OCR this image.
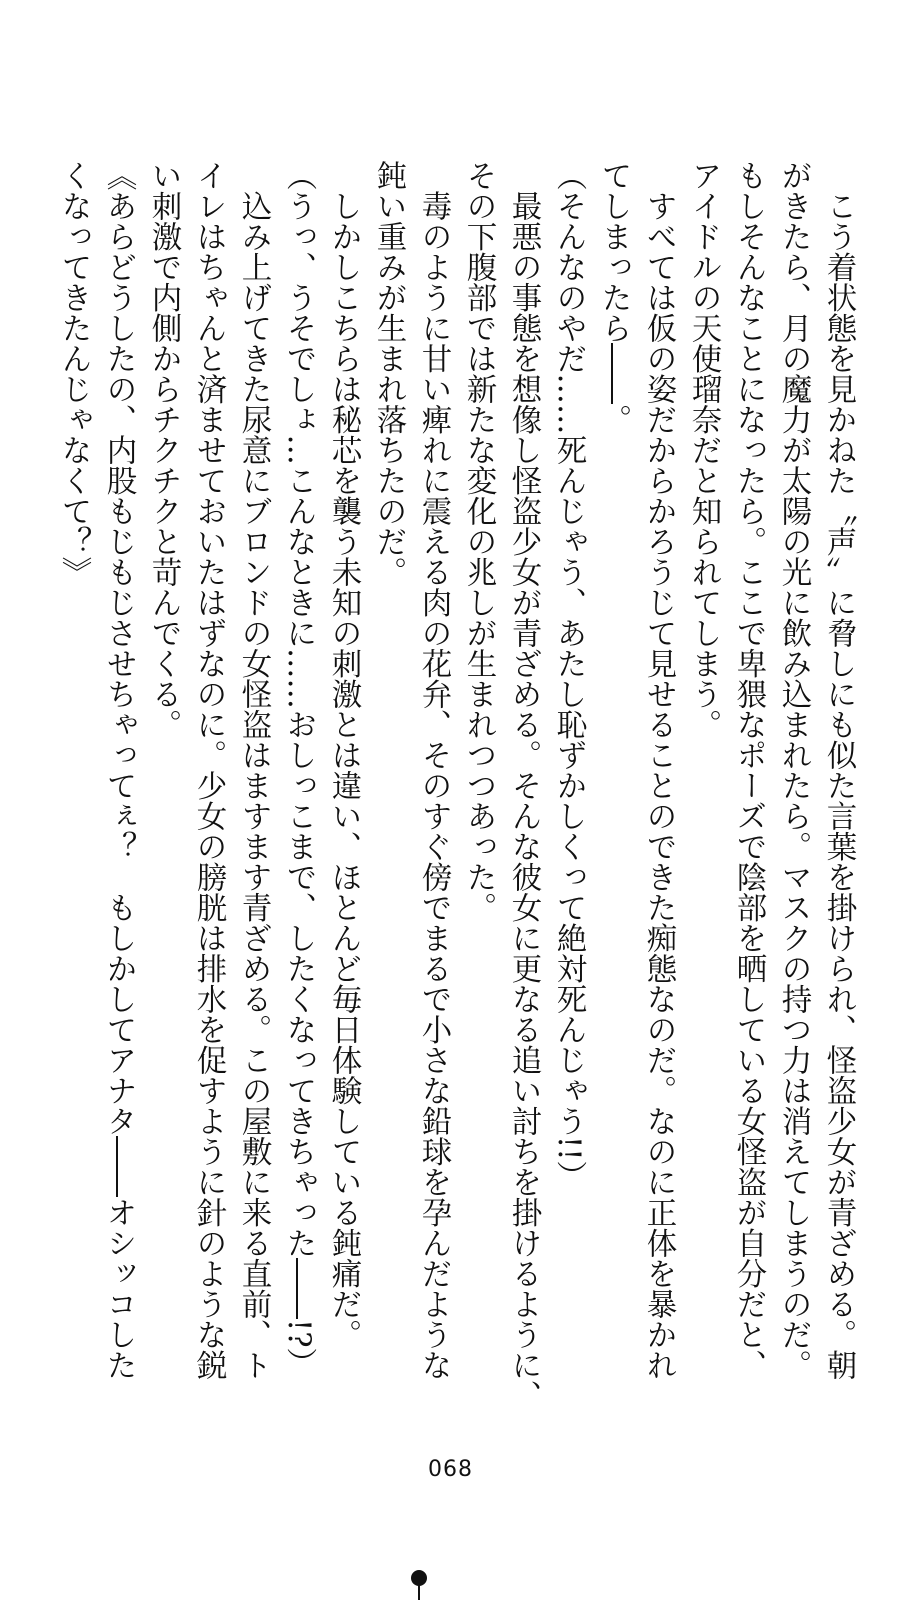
　こう着状態を見かねた〝声〟に脅しにも似た言葉を掛けられ、怪盗少女が青ざめる。朝

がきたら、月の魔力が太陽の光に飲み込まれたら。マスクの持つ力は消えてしまうのだ。

もしそんなことになったら。ここで卑猥なポーズで陰部を晒している女怪盗が自分だと、

アイドルの天使瑠奈だと知られてしまう。

　すべては仮の姿だからかろうじて見せることのできた痴態なのだ。なのに正体を暴かれ

てしまったら――。

（そんなのやだ……死んじゃう、あたし恥ずかしくって絶対死んじゃう!!）

　最悪の事態を想像し怪盗少女が青ざめる。そんな彼女に更なる追い討ちを掛けるように、

その下腹部では新たな変化の兆しが生まれつつあった。

　毒のように甘い痺れに震える肉の花弁、そのすぐ傍でまるで小さな鉛球を孕んだような

鈍い重みが生まれ落ちたのだ。

　しかしこちらは秘芯を襲う未知の刺激とは違い、ほとんど毎日体験している鈍痛だ。

（うっ、うそでしょ…こんなときに……おしっこまで、したくなってきちゃった――!?）

　込み上げてきた尿意にブロンドの女怪盗はますます青ざめる。この屋敷に来る直前、ト

イレはちゃんと済ませておいたはずなのに。少女の膀胱は排水を促すように針のような鋭

い刺激で内側からチクチクと苛んでくる。

《あらどうしたの、内股もじもじさせちゃってぇ？　もしかしてアナタ――オシッコした

くなってきたんじゃなくて？》

068
